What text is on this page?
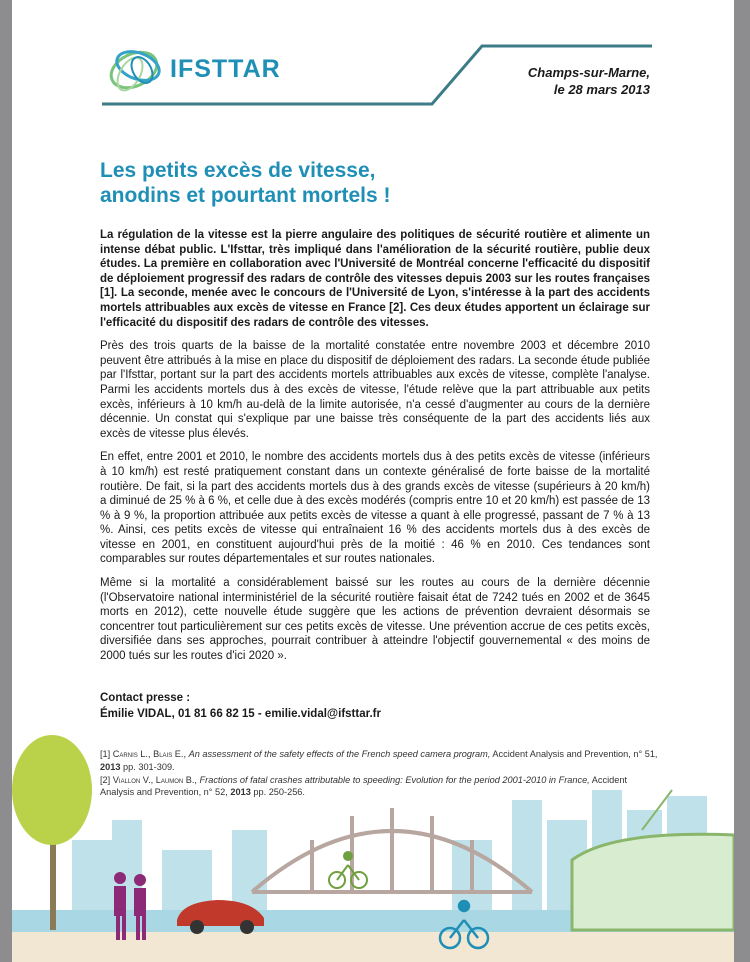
IFSTTAR	Champs-sur-Marne,
le 28 mars 2013
Les petits excès de vitesse,
anodins et pourtant mortels !

La régulation de la vitesse est la pierre angulaire des politiques de sécurité routière et alimente un intense débat public. L'Ifsttar, très impliqué dans l'amélioration de la sécurité routière, publie deux études. La première en collaboration avec l'Université de Montréal concerne l'efficacité du dispositif de déploiement progressif des radars de contrôle des vitesses depuis 2003 sur les routes françaises [1]. La seconde, menée avec le concours de l'Université de Lyon, s'intéresse à la part des accidents mortels attribuables aux excès de vitesse en France [2]. Ces deux études apportent un éclairage sur l'efficacité du dispositif des radars de contrôle des vitesses.

Près des trois quarts de la baisse de la mortalité constatée entre novembre 2003 et décembre 2010 peuvent être attribués à la mise en place du dispositif de déploiement des radars. La seconde étude publiée par l'Ifsttar, portant sur la part des accidents mortels attribuables aux excès de vitesse, complète l'analyse. Parmi les accidents mortels dus à des excès de vitesse, l'étude relève que la part attribuable aux petits excès, inférieurs à 10 km/h au-delà de la limite autorisée, n'a cessé d'augmenter au cours de la dernière décennie. Un constat qui s'explique par une baisse très conséquente de la part des accidents liés aux excès de vitesse plus élevés.

En effet, entre 2001 et 2010, le nombre des accidents mortels dus à des petits excès de vitesse (inférieurs à 10 km/h) est resté pratiquement constant dans un contexte généralisé de forte baisse de la mortalité routière. De fait, si la part des accidents mortels dus à des grands excès de vitesse (supérieurs à 20 km/h) a diminué de 25 % à 6 %, et celle due à des excès modérés (compris entre 10 et 20 km/h) est passée de 13 % à 9 %, la proportion attribuée aux petits excès de vitesse a quant à elle progressé, passant de 7 % à 13 %. Ainsi, ces petits excès de vitesse qui entraînaient 16 % des accidents mortels dus à des excès de vitesse en 2001, en constituent aujourd'hui près de la moitié : 46 % en 2010. Ces tendances sont comparables sur routes départementales et sur routes nationales.

Même si la mortalité a considérablement baissé sur les routes au cours de la dernière décennie (l'Observatoire national interministériel de la sécurité routière faisait état de 7242 tués en 2002 et de 3645 morts en 2012), cette nouvelle étude suggère que les actions de prévention devraient désormais se concentrer tout particulièrement sur ces petits excès de vitesse. Une prévention accrue de ces petits excès, diversifiée dans ses approches, pourrait contribuer à atteindre l'objectif gouvernemental « des moins de 2000 tués sur les routes d'ici 2020 ».

Contact presse :
Émilie VIDAL, 01 81 66 82 15 - emilie.vidal@ifsttar.fr

[1] Carnis L., Blais E., An assessment of the safety effects of the French speed camera program, Accident Analysis and Prevention, n° 51, 2013 pp. 301-309.

[2] Viallon V., Laumon B., Fractions of fatal crashes attributable to speeding: Evolution for the period 2001-2010 in France, Accident Analysis and Prevention, n° 52, 2013 pp. 250-256.
